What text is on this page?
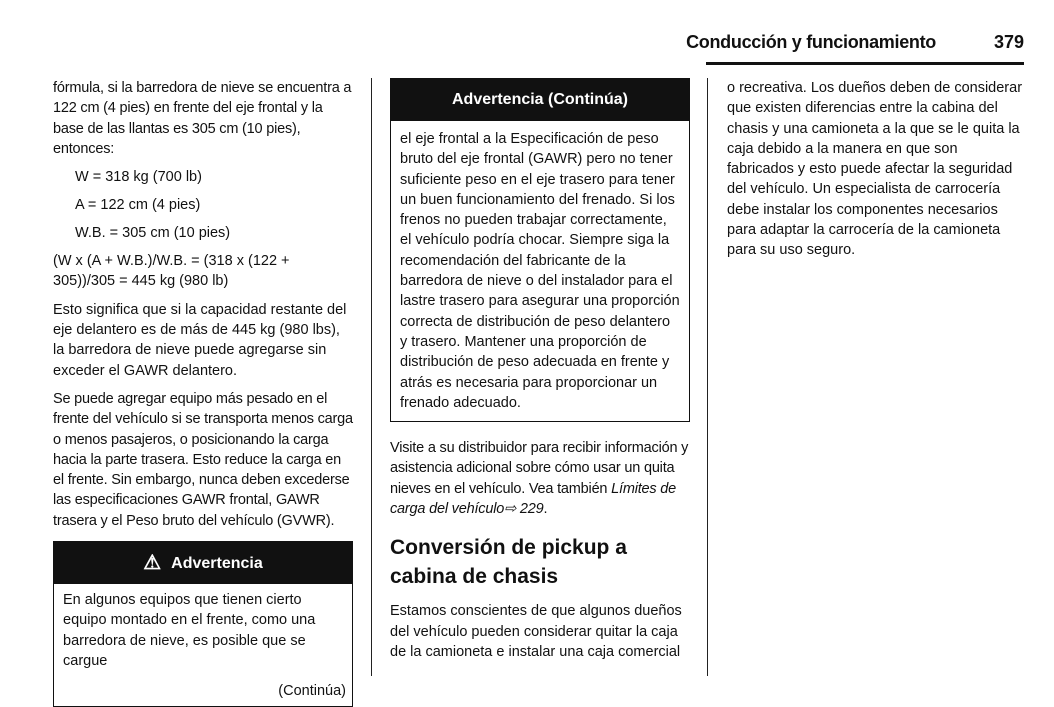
Conducción y funcionamiento	379

fórmula, si la barredora de nieve se encuentra a 122 cm (4 pies) en frente del eje frontal y la base de las llantas es 305 cm (10 pies), entonces:

W = 318 kg (700 lb)

A = 122 cm (4 pies)

W.B. = 305 cm (10 pies)

(W x (A + W.B.)/W.B. = (318 x (122 + 305))/305 = 445 kg (980 lb)

Esto significa que si la capacidad restante del eje delantero es de más de 445 kg (980 lbs), la barredora de nieve puede agregarse sin exceder el GAWR delantero.

Se puede agregar equipo más pesado en el frente del vehículo si se transporta menos carga o menos pasajeros, o posicionando la carga hacia la parte trasera. Esto reduce la carga en el frente. Sin embargo, nunca deben excederse las especificaciones GAWR frontal, GAWR trasera y el Peso bruto del vehículo (GVWR).

⚠ Advertencia
En algunos equipos que tienen cierto equipo montado en el frente, como una barredora de nieve, es posible que se cargue
(Continúa)
Advertencia (Continúa)
el eje frontal a la Especificación de peso bruto del eje frontal (GAWR) pero no tener suficiente peso en el eje trasero para tener un buen funcionamiento del frenado. Si los frenos no pueden trabajar correctamente, el vehículo podría chocar. Siempre siga la recomendación del fabricante de la barredora de nieve o del instalador para el lastre trasero para asegurar una proporción correcta de distribución de peso delantero y trasero. Mantener una proporción de distribución de peso adecuada en frente y atrás es necesaria para proporcionar un frenado adecuado.

Visite a su distribuidor para recibir información y asistencia adicional sobre cómo usar un quita nieves en el vehículo. Vea también Límites de carga del vehículo⇨ 229.

Conversión de pickup a cabina de chasis

Estamos conscientes de que algunos dueños del vehículo pueden considerar quitar la caja de la camioneta e instalar una caja comercial

o recreativa. Los dueños deben de considerar que existen diferencias entre la cabina del chasis y una camioneta a la que se le quita la caja debido a la manera en que son fabricados y esto puede afectar la seguridad del vehículo. Un especialista de carrocería debe instalar los componentes necesarios para adaptar la carrocería de la camioneta para su uso seguro.
